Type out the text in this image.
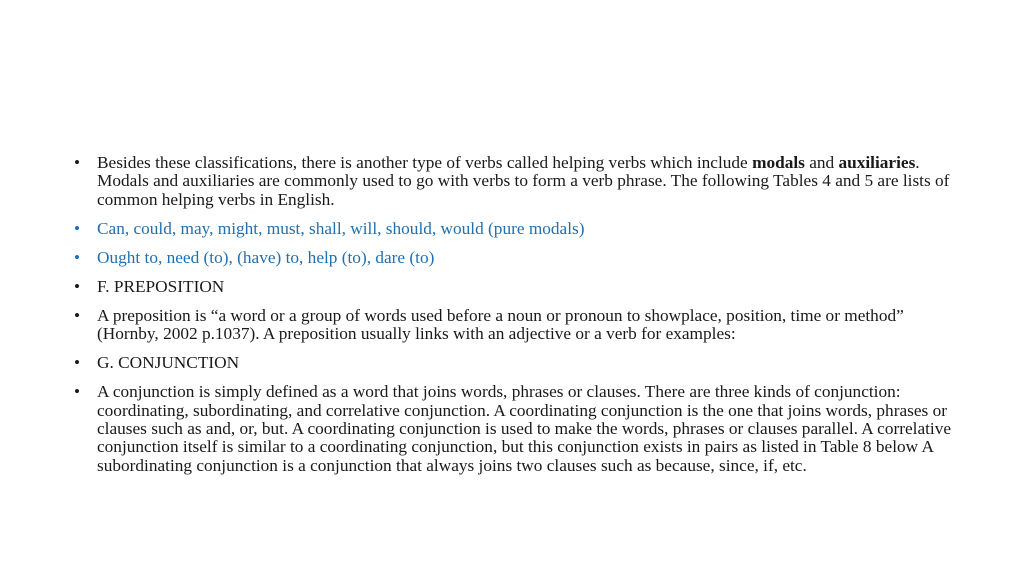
• Besides these classifications, there is another type of verbs called helping verbs which include modals and auxiliaries. Modals and auxiliaries are commonly used to go with verbs to form a verb phrase. The following Tables 4 and 5 are lists of common helping verbs in English.
• Can, could, may, might, must, shall, will, should, would (pure modals)
• Ought to, need (to), (have) to, help (to), dare (to)
• F. PREPOSITION
• A preposition is “a word or a group of words used before a noun or pronoun to showplace, position, time or method” (Hornby, 2002 p.1037). A preposition usually links with an adjective or a verb for examples:
• G. CONJUNCTION
• A conjunction is simply defined as a word that joins words, phrases or clauses. There are three kinds of conjunction: coordinating, subordinating, and correlative conjunction. A coordinating conjunction is the one that joins words, phrases or clauses such as and, or, but. A coordinating conjunction is used to make the words, phrases or clauses parallel. A correlative conjunction itself is similar to a coordinating conjunction, but this conjunction exists in pairs as listed in Table 8 below A subordinating conjunction is a conjunction that always joins two clauses such as because, since, if, etc.
